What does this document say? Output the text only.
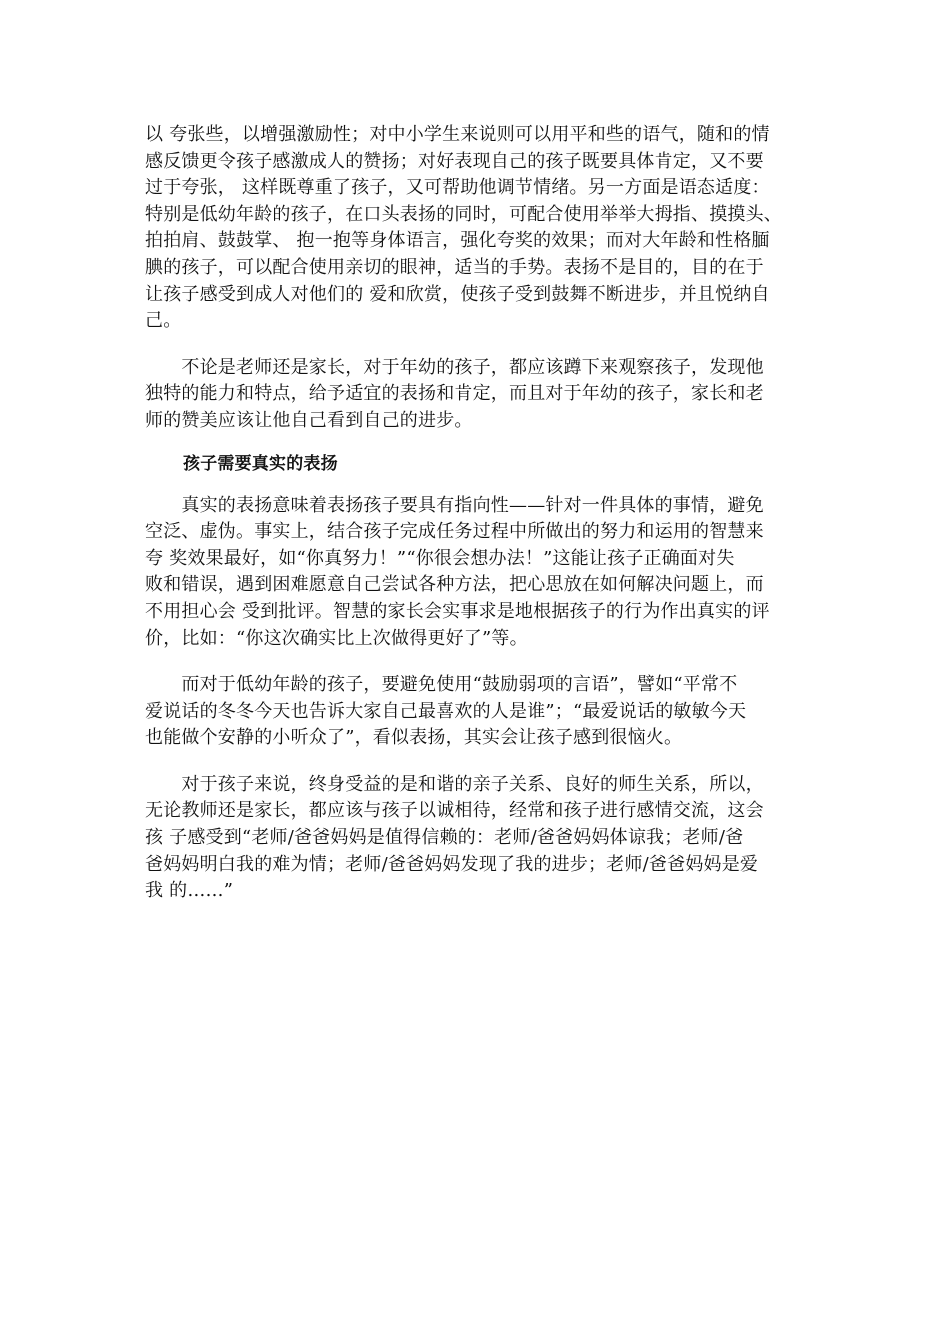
以 夸张些，以增强激励性；对中小学生来说则可以用平和些的语气，随和的情
感反馈更令孩子感激成人的赞扬；对好表现自己的孩子既要具体肯定，又不要
过于夸张， 这样既尊重了孩子，又可帮助他调节情绪。另一方面是语态适度：
特别是低幼年龄的孩子，在口头表扬的同时，可配合使用举举大拇指、摸摸头、
拍拍肩、鼓鼓掌、 抱一抱等身体语言，强化夸奖的效果；而对大年龄和性格腼
腆的孩子，可以配合使用亲切的眼神，适当的手势。表扬不是目的，目的在于
让孩子感受到成人对他们的 爱和欣赏，使孩子受到鼓舞不断进步，并且悦纳自
己。

　　不论是老师还是家长，对于年幼的孩子，都应该蹲下来观察孩子，发现他
独特的能力和特点，给予适宜的表扬和肯定，而且对于年幼的孩子，家长和老
师的赞美应该让他自己看到自己的进步。

孩子需要真实的表扬

　　真实的表扬意味着表扬孩子要具有指向性——针对一件具体的事情，避免
空泛、虚伪。事实上，结合孩子完成任务过程中所做出的努力和运用的智慧来
夸 奖效果最好，如“你真努力！”“你很会想办法！”这能让孩子正确面对失
败和错误，遇到困难愿意自己尝试各种方法，把心思放在如何解决问题上，而
不用担心会 受到批评。智慧的家长会实事求是地根据孩子的行为作出真实的评
价，比如：“你这次确实比上次做得更好了”等。

　　而对于低幼年龄的孩子，要避免使用“鼓励弱项的言语”，譬如“平常不
爱说话的冬冬今天也告诉大家自己最喜欢的人是谁”；“最爱说话的敏敏今天
也能做个安静的小听众了”，看似表扬，其实会让孩子感到很恼火。

　　对于孩子来说，终身受益的是和谐的亲子关系、良好的师生关系，所以，
无论教师还是家长，都应该与孩子以诚相待，经常和孩子进行感情交流，这会
孩 子感受到“老师/爸爸妈妈是值得信赖的：老师/爸爸妈妈体谅我；老师/爸
爸妈妈明白我的难为情；老师/爸爸妈妈发现了我的进步；老师/爸爸妈妈是爱
我 的……”
